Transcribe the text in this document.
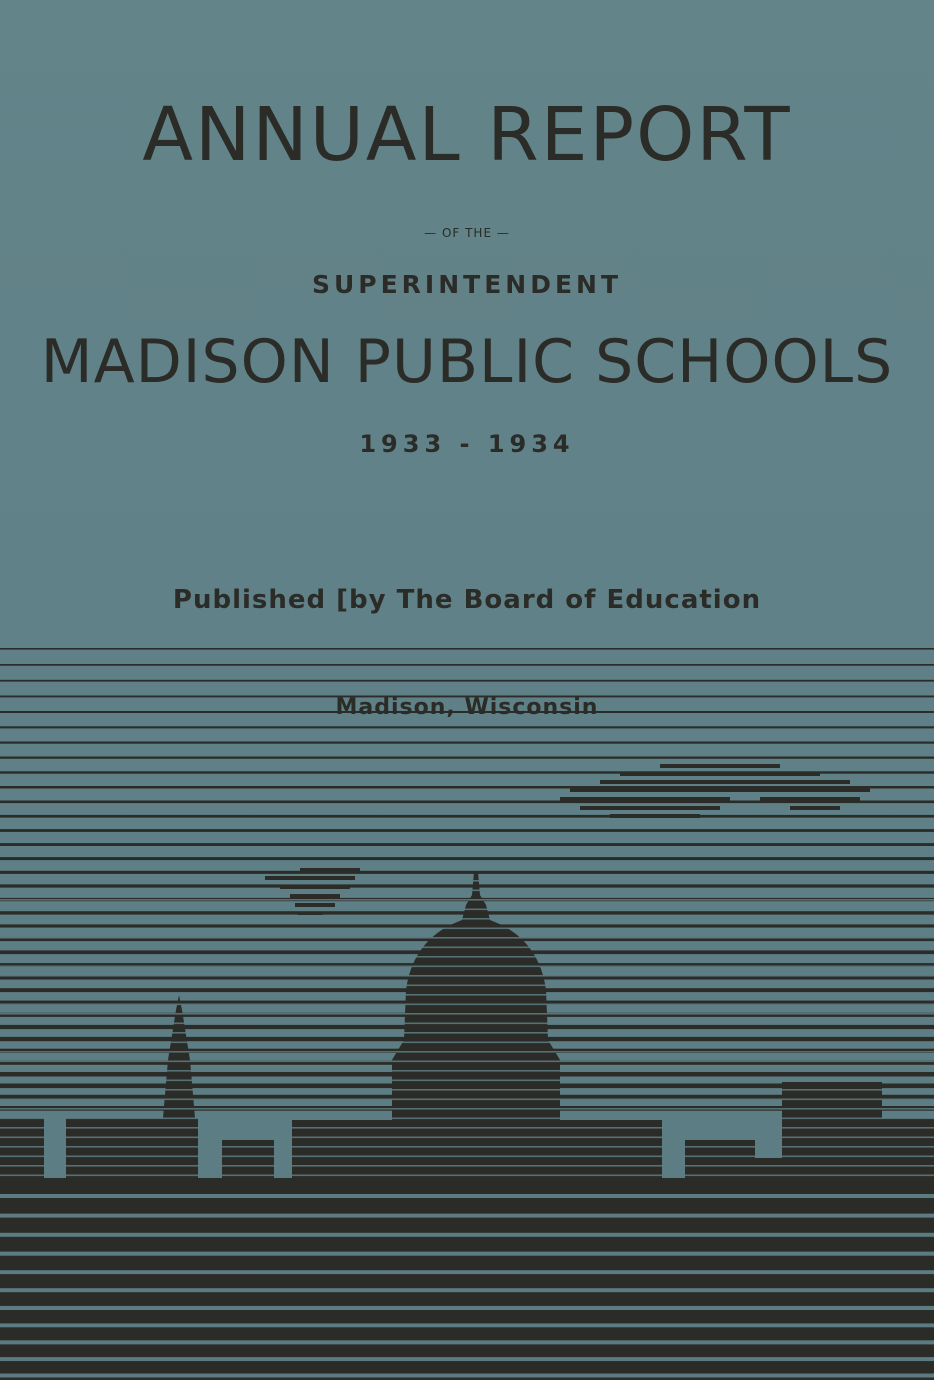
ANNUAL REPORT
— OF THE —
SUPERINTENDENT
MADISON PUBLIC SCHOOLS
1933 - 1934
Published [by The Board of Education
Madison, Wisconsin
